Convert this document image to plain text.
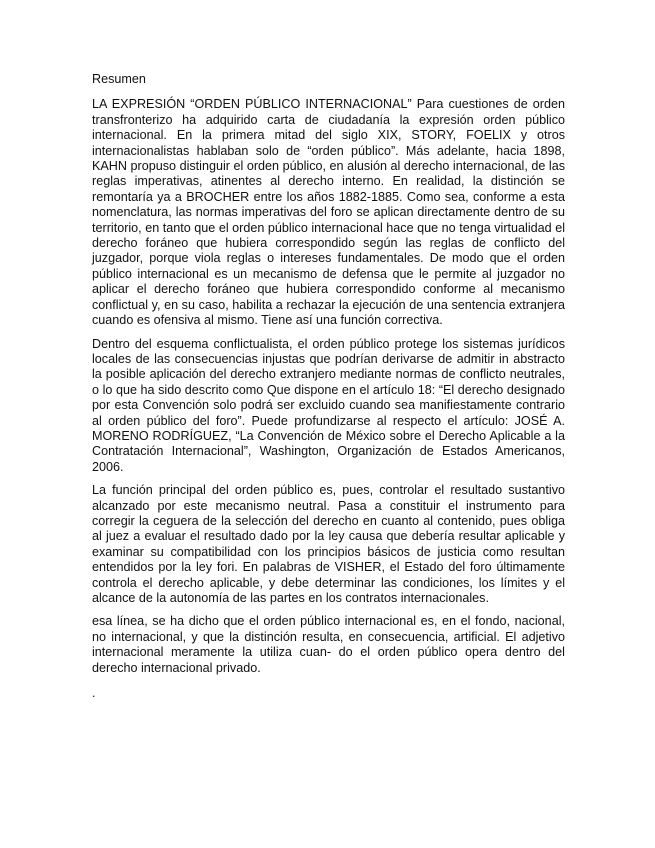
Resumen

LA EXPRESIÓN “ORDEN PÚBLICO INTERNACIONAL” Para cuestiones de orden transfronterizo ha adquirido carta de ciudadanía la expresión orden público internacional. En la primera mitad del siglo XIX, STORY, FOELIX y otros internacionalistas hablaban solo de “orden público”. Más adelante, hacia 1898, KAHN propuso distinguir el orden público, en alusión al derecho internacional, de las reglas imperativas, atinentes al derecho interno. En realidad, la distinción se remontaría ya a BROCHER entre los años 1882-1885. Como sea, conforme a esta nomenclatura, las normas imperativas del foro se aplican directamente dentro de su territorio, en tanto que el orden público internacional hace que no tenga virtualidad el derecho foráneo que hubiera correspondido según las reglas de conflicto del juzgador, porque viola reglas o intereses fundamentales. De modo que el orden público internacional es un mecanismo de defensa que le permite al juzgador no aplicar el derecho foráneo que hubiera correspondido conforme al mecanismo conflictual y, en su caso, habilita a rechazar la ejecución de una sentencia extranjera cuando es ofensiva al mismo. Tiene así una función correctiva.

Dentro del esquema conflictualista, el orden público protege los sistemas jurídicos locales de las consecuencias injustas que podrían derivarse de admitir in abstracto la posible aplicación del derecho extranjero mediante normas de conflicto neutrales, o lo que ha sido descrito como Que dispone en el artículo 18: “El derecho designado por esta Convención solo podrá ser excluido cuando sea manifiestamente contrario al orden público del foro”. Puede profundizarse al respecto el artículo: JOSÉ A. MORENO RODRÍGUEZ, “La Convención de México sobre el Derecho Aplicable a la Contratación Internacional”, Washington, Organización de Estados Americanos, 2006.

La función principal del orden público es, pues, controlar el resultado sustantivo alcanzado por este mecanismo neutral. Pasa a constituir el instrumento para corregir la ceguera de la selección del derecho en cuanto al contenido, pues obliga al juez a evaluar el resultado dado por la ley causa que debería resultar aplicable y examinar su compatibilidad con los principios básicos de justicia como resultan entendidos por la ley fori. En palabras de VISHER, el Estado del foro últimamente controla el derecho aplicable, y debe determinar las condiciones, los límites y el alcance de la autonomía de las partes en los contratos internacionales.

esa línea, se ha dicho que el orden público internacional es, en el fondo, nacional, no internacional, y que la distinción resulta, en consecuencia, artificial. El adjetivo internacional meramente la utiliza cuan- do el orden público opera dentro del derecho internacional privado.

.
